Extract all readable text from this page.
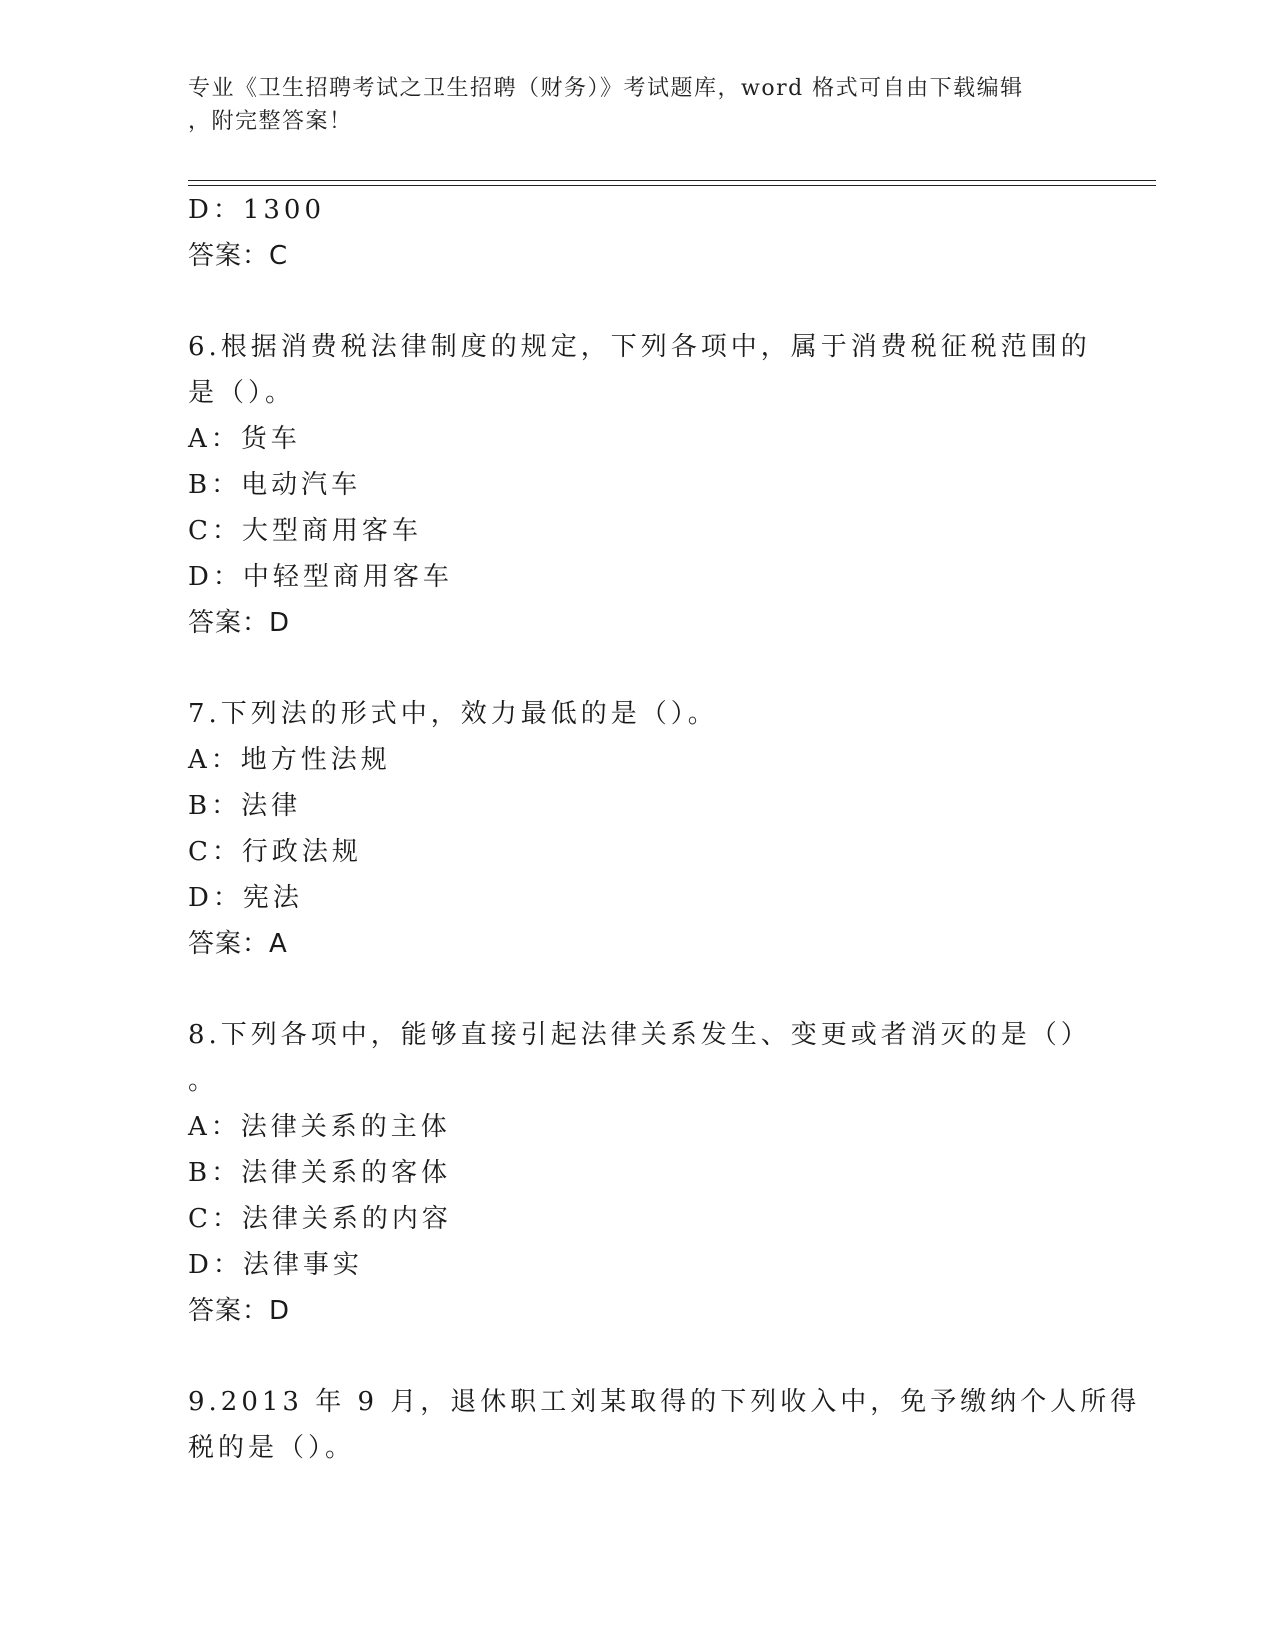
专业《卫生招聘考试之卫生招聘（财务）》考试题库，word 格式可自由下载编辑
，附完整答案！
D：1300
答案：C
6.根据消费税法律制度的规定，下列各项中，属于消费税征税范围的
是（）。
A：货车
B：电动汽车
C：大型商用客车
D：中轻型商用客车
答案：D
7.下列法的形式中，效力最低的是（）。
A：地方性法规
B：法律
C：行政法规
D：宪法
答案：A
8.下列各项中，能够直接引起法律关系发生、变更或者消灭的是（）
。
A：法律关系的主体
B：法律关系的客体
C：法律关系的内容
D：法律事实
答案：D
9.2013 年 9 月，退休职工刘某取得的下列收入中，免予缴纳个人所得
税的是（）。
